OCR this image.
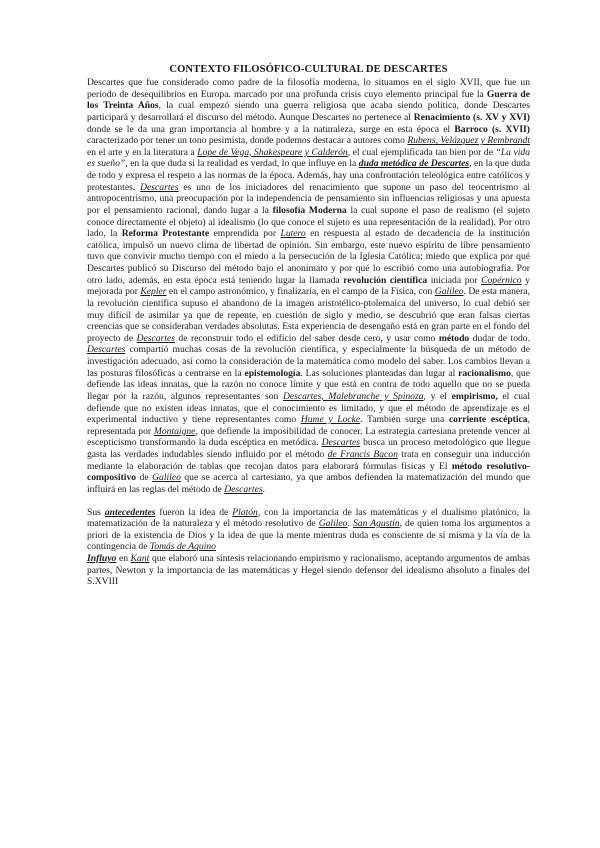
CONTEXTO FILOSÓFICO-CULTURAL DE DESCARTES

Descartes que fue considerado como padre de la filosofía moderna, lo situamos en el siglo XVII, que fue un periodo de desequilibrios en Europa. marcado por una profunda crisis cuyo elemento principal fue la Guerra de los Treinta Años, la cual empezó siendo una guerra religiosa que acaba siendo política, donde Descartes participará y desarrollará el discurso del método. Aunque Descartes no pertenece al Renacimiento (s. XV y XVI) donde se le da una gran importancia al hombre y a la naturaleza, surge en esta época el Barroco (s. XVII) caracterizado por tener un tono pesimista, donde podemos destacar a autores como Rubens, Velázquez y Rembrandt en el arte y en la literatura a Lope de Vega, Shakespeare y Calderón, el cual ejemplificada tan bien por de “La vida es sueño”, en la que duda si la realidad es verdad, lo que influye en la duda metódica de Descartes, en la que duda de todo y expresa el respeto a las normas de la época. Además, hay una confrontación teleológica entre católicos y protestantes. Descartes es uno de los iniciadores del renacimiento que supone un paso del teocentrismo al antropocentrismo, una preocupación por la independencia de pensamiento sin influencias religiosas y una apuesta por el pensamiento racional, dando lugar a la filosofía Moderna la cual supone el paso de realismo (el sujeto conoce directamente el objeto) al idealismo (lo que conoce el sujeto es una representación de la realidad). Por otro lado, la Reforma Protestante emprendida por Lutero en respuesta al estado de decadencia de la institución católica, impulsó un nuevo clima de libertad de opinión. Sin embargo, este nuevo espíritu de libre pensamiento tuvo que convivir mucho tiempo con el miedo a la persecución de la Iglesia Católica; miedo que explica por qué Descartes publicó su Discurso del método bajo el anonimato y por qué lo escribió como una autobiografía. Por otro lado, además, en esta época está teniendo lugar la llamada revolución científica iniciada por Copérnico y mejorada por Kepler en el campo astronómico, y finalizaría, en el campo de la Física, con Galileo. De esta manera, la revolución científica supuso el abandono de la imagen aristotélico-ptolemaica del universo, lo cual debió ser muy difícil de asimilar ya que de repente, en cuestión de siglo y medio, se descubrió que eran falsas ciertas creencias que se consideraban verdades absolutas. Esta experiencia de desengaño está en gran parte en el fondo del proyecto de Descartes de reconstruir todo el edificio del saber desde cero, y usar como método dudar de todo. Descartes compartió muchas cosas de la revolución científica, y especialmente la búsqueda de un método de investigación adecuado, así como la consideración de la matemática como modelo del saber. Los cambios llevan a las posturas filosóficas a centrarse en la epistemología. Las soluciones planteadas dan lugar al racionalismo, que defiende las ideas innatas, que la razón no conoce límite y que está en contra de todo aquello que no se pueda llegar por la razón, algunos representantes son Descartes, Malebranche y Spinoza, y el empirismo, el cual defiende que no existen ideas innatas, que el conocimiento es limitado, y que el método de aprendizaje es el experimental inductivo y tiene representantes como Hume y Locke. También surge una corriente escéptica, representada por Montaigne, que defiende la imposibilidad de conocer. La estrategia cartesiana pretende vencer al escepticismo transformando la duda escéptica en metódica. Descartes busca un proceso metodológico que llegue gasta las verdades indudables siendo influido por el método de Francis Bacon trata en conseguir una inducción mediante la elaboración de tablas que recojan datos para elaborará fórmulas físicas y El método resolutivo-compositivo de Galileo que se acerca al cartesiano, ya que ambos defienden la matematización del mundo que influirá en las reglas del método de Descartes.

Sus antecedentes fueron la idea de Platón, con la importancia de las matemáticas y el dualismo platónico, la matematización de la naturaleza y el método resolutivo de Galileo. San Agustín, de quien toma los argumentos a priori de la existencia de Dios y la idea de que la mente mientras duda es consciente de sí misma y la vía de la contingencia de Tomás de Aquino

Influyo en Kant que elaboró una síntesis relacionando empirismo y racionalismo, aceptando argumentos de ambas partes, Newton y la importancia de las matemáticas y Hegel siendo defensor del idealismo absoluto a finales del S.XVIII
